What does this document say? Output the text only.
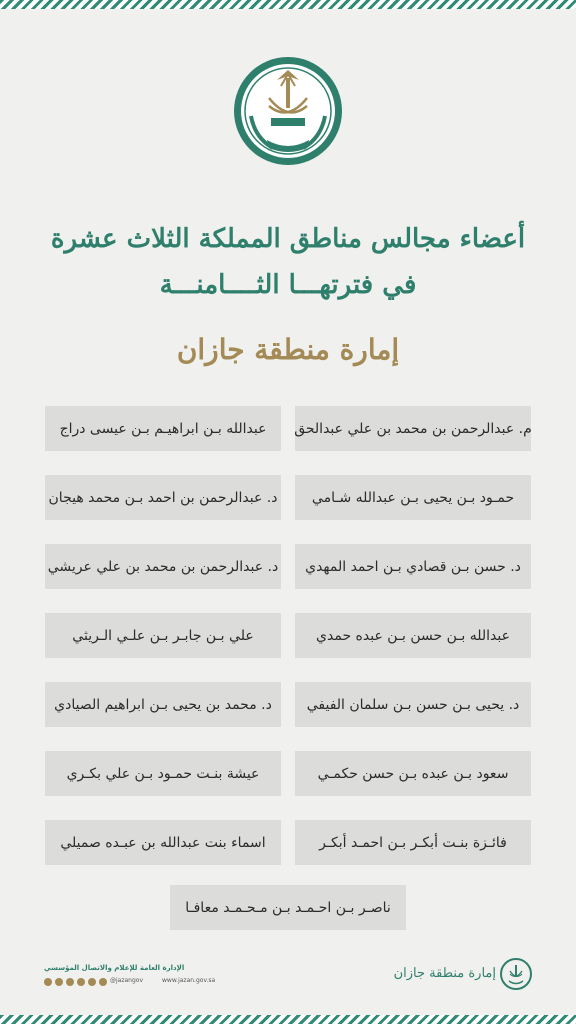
أعضاء مجالس مناطق المملكة الثلاث عشرة
في فترتهـــا الثــــامنـــة
إمارة منطقة جازان
م. عبدالرحمن بن محمد بن علي عبدالحق
عبدالله بـن ابراهيـم بـن عيسى دراج
حمـود بـن يحيى بـن عبدالله شـامي
د. عبدالرحمن بن احمد بـن محمد هيجان
د. حسن بـن قصادي بـن احمد المهدي
د. عبدالرحمن بن محمد بن علي عريشي
عبدالله بـن حسن بـن عبده حمدي
علي بـن جابـر بـن علـي الـريثي
د. يحيى بـن حسن بـن سلمان الفيفي
د. محمد بن يحيى بـن ابراهيم الصيادي
سعود بـن عبده بـن حسن حكمـي
عيشة بنـت حمـود بـن علي بكـري
فائـزة بنـت أبكـر بـن احمـد أبكـر
اسماء بنت عبدالله بن عبـده صميلي
ناصـر بـن احـمـد بـن مـحـمـد معافـا
الإدارة العامة للإعلام والاتصال المؤسسي
@jazangov	www.jazan.gov.sa	إمارة منطقة جازان
